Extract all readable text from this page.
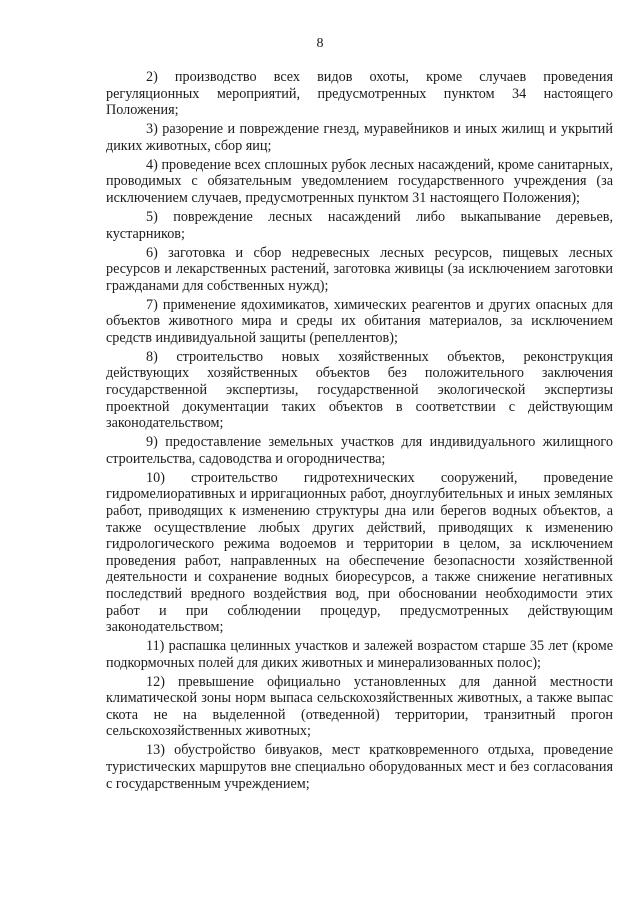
8

2) производство всех видов охоты, кроме случаев проведения регуляционных мероприятий, предусмотренных пунктом 34 настоящего Положения;

3) разорение и повреждение гнезд, муравейников и иных жилищ и укрытий диких животных, сбор яиц;

4) проведение всех сплошных рубок лесных насаждений, кроме санитарных, проводимых с обязательным уведомлением государственного учреждения (за исключением случаев, предусмотренных пунктом 31 настоящего Положения);

5) повреждение лесных насаждений либо выкапывание деревьев, кустарников;

6) заготовка и сбор недревесных лесных ресурсов, пищевых лесных ресурсов и лекарственных растений, заготовка живицы (за исключением заготовки гражданами для собственных нужд);

7) применение ядохимикатов, химических реагентов и других опасных для объектов животного мира и среды их обитания материалов, за исключением средств индивидуальной защиты (репеллентов);

8) строительство новых хозяйственных объектов, реконструкция действующих хозяйственных объектов без положительного заключения государственной экспертизы, государственной экологической экспертизы проектной документации таких объектов в соответствии с действующим законодательством;

9) предоставление земельных участков для индивидуального жилищного строительства, садоводства и огородничества;

10) строительство гидротехнических сооружений, проведение гидромелиоративных и ирригационных работ, дноуглубительных и иных земляных работ, приводящих к изменению структуры дна или берегов водных объектов, а также осуществление любых других действий, приводящих к изменению гидрологического режима водоемов и территории в целом, за исключением проведения работ, направленных на обеспечение безопасности хозяйственной деятельности и сохранение водных биоресурсов, а также снижение негативных последствий вредного воздействия вод, при обосновании необходимости этих работ и при соблюдении процедур, предусмотренных действующим законодательством;

11) распашка целинных участков и залежей возрастом старше 35 лет (кроме подкормочных полей для диких животных и минерализованных полос);

12) превышение официально установленных для данной местности климатической зоны норм выпаса сельскохозяйственных животных, а также выпас скота не на выделенной (отведенной) территории, транзитный прогон сельскохозяйственных животных;

13) обустройство бивуаков, мест кратковременного отдыха, проведение туристических маршрутов вне специально оборудованных мест и без согласования с государственным учреждением;
